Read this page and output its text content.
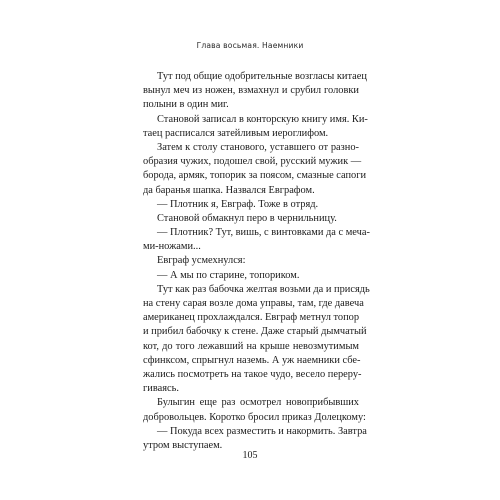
Глава восьмая. Наемники
Тут под общие одобрительные возгласы китаец
вынул меч из ножен, взмахнул и срубил головки
полыни в один миг.
Становой записал в конторскую книгу имя. Ки-
таец расписался затейливым иероглифом.
Затем к столу станового, уставшего от разно-
образия чужих, подошел свой, русский мужик —
борода, армяк, топорик за поясом, смазные сапоги
да баранья шапка. Назвался Евграфом.
— Плотник я, Евграф. Тоже в отряд.
Становой обмакнул перо в чернильницу.
— Плотник? Тут, вишь, с винтовками да с меча-
ми-ножами...
Евграф усмехнулся:
— А мы по старине, топориком.
Тут как раз бабочка желтая возьми да и присядь
на стену сарая возле дома управы, там, где давеча
американец прохлаждался. Евграф метнул топор
и прибил бабочку к стене. Даже старый дымчатый
кот, до того лежавший на крыше невозмутимым
сфинксом, спрыгнул наземь. А уж наемники сбе-
жались посмотреть на такое чудо, весело переру-
гиваясь.
Булыгин еще раз осмотрел новоприбывших
добровольцев. Коротко бросил приказ Долецкому:
— Покуда всех разместить и накормить. Завтра
утром выступаем.
105
